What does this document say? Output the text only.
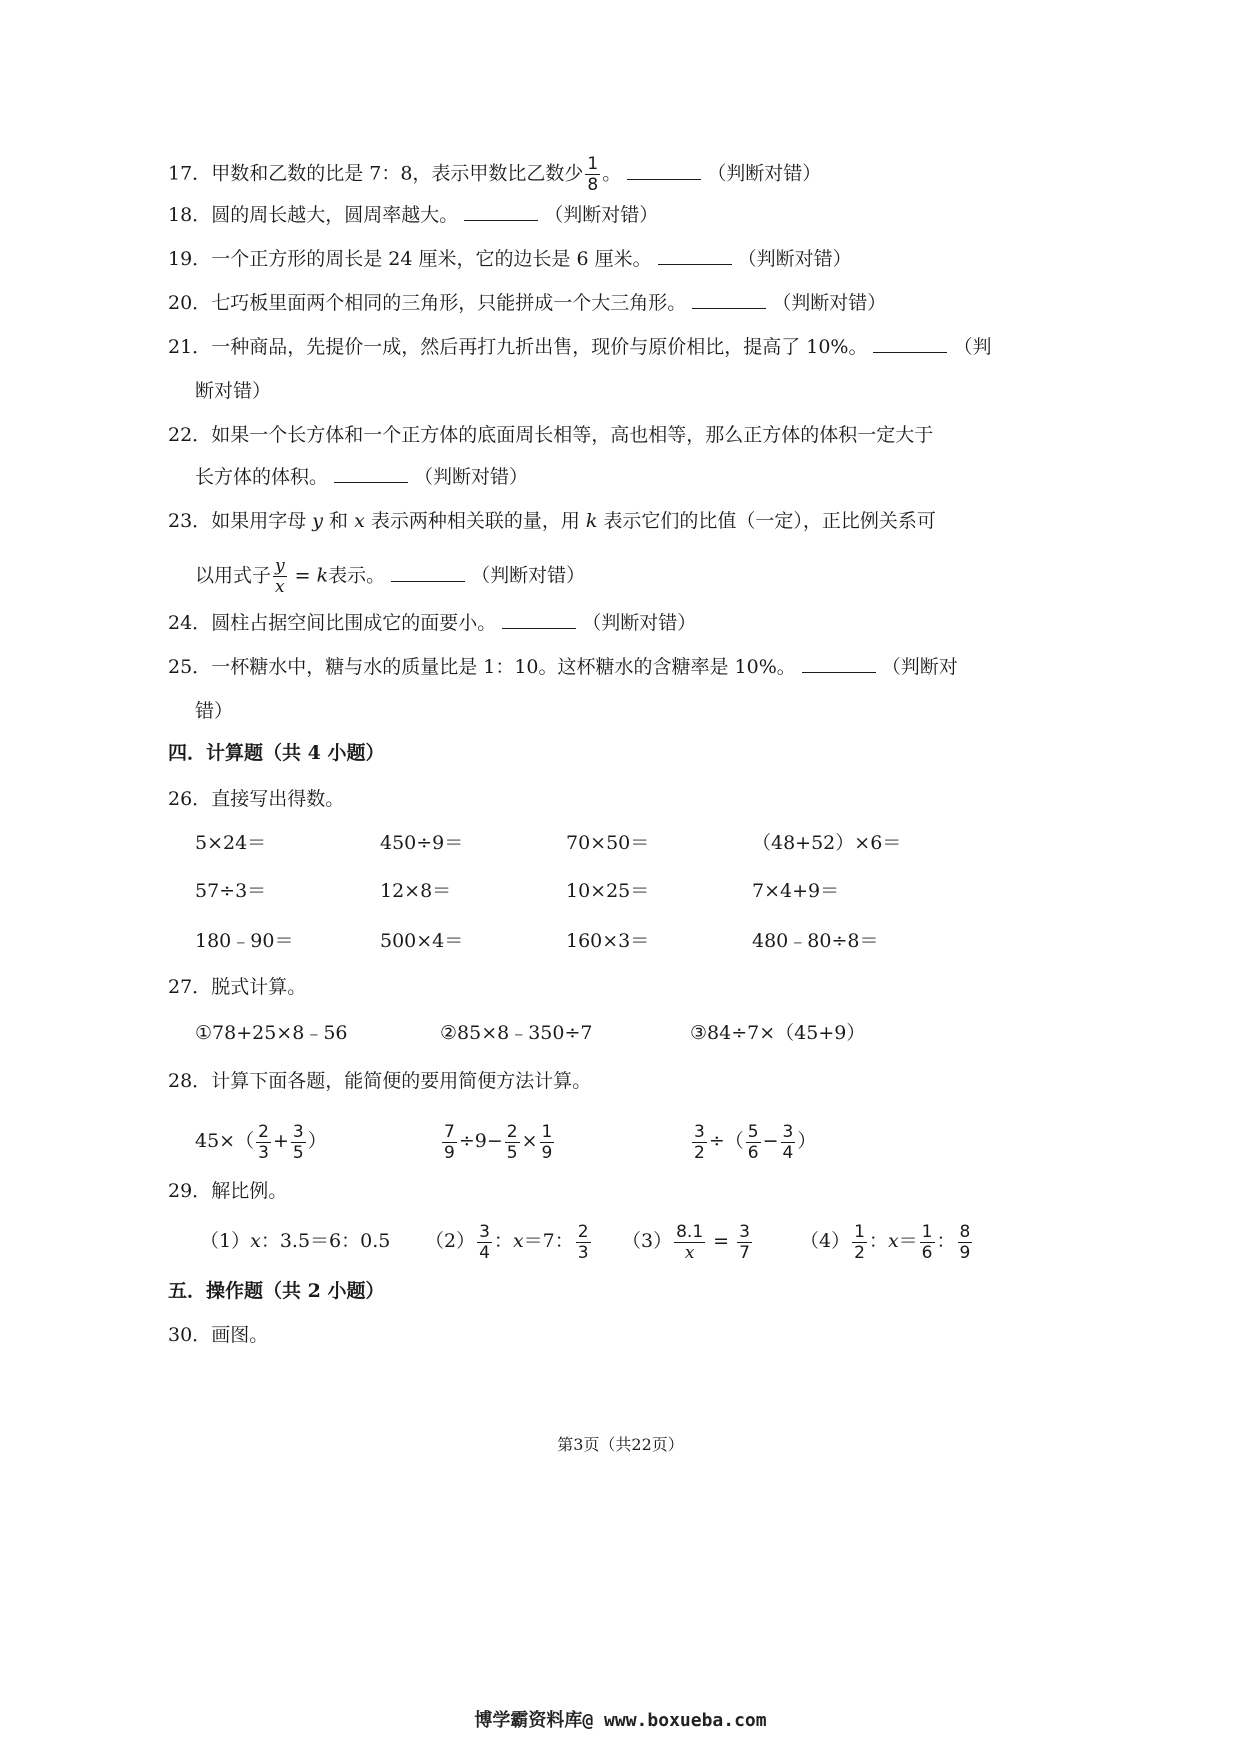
17．甲数和乙数的比是 7：8，表示甲数比乙数少 $\frac{1}{8}$ 。	（判断对错）
18．圆的周长越大，圆周率越大。	（判断对错）
19．一个正方形的周长是 24 厘米，它的边长是 6 厘米。	（判断对错）
20．七巧板里面两个相同的三角形，只能拼成一个大三角形。	（判断对错）
21．一种商品，先提价一成，然后再打九折出售，现价与原价相比，提高了 10%。	（判
断对错）
22．如果一个长方体和一个正方体的底面周长相等，高也相等，那么正方体的体积一定大于
长方体的体积。	（判断对错）
23．如果用字母 y 和 x 表示两种相关联的量，用 k 表示它们的比值（一定），正比例关系可
以用式子 $\frac{y}{x} = k$表示。	（判断对错）
24．圆柱占据空间比围成它的面要小。	（判断对错）
25．一杯糖水中，糖与水的质量比是 1：10。这杯糖水的含糖率是 10%。	（判断对
错）
四．计算题（共 4 小题）
26．直接写出得数。
5×24＝	450÷9＝	70×50＝	（48+52）×6＝
57÷3＝	12×8＝	10×25＝	7×4+9＝
180﹣90＝	500×4＝	160×3＝	480﹣80÷8＝
27．脱式计算。
①78+25×8﹣56	②85×8﹣350÷7	③84÷7×（45+9）
28．计算下面各题，能简便的要用简便方法计算。
$45\times( \frac{2}{3} + \frac{3}{5}$ ）	$\frac{7}{9} \div 9- \frac{2}{5} \times \frac{1}{9}$	$\frac{3}{2}$ ÷（ $\frac{5}{6} - \frac{3}{4}$ ）
29．解比例。
（1）x：3.5＝6：0.5 $(2) \frac{3}{4}$ ：x＝7： $\frac{2}{3} (3) \frac{8.1}{x} = \frac{3}{7}$	$(4) \frac{1}{2}$ ：$x= \frac{1}{6}$ ： $\frac{8}{9}$
五．操作题（共 2 小题）
30．画图。
第3页（共22页）
博学霸资料库@ www.boxueba.com
